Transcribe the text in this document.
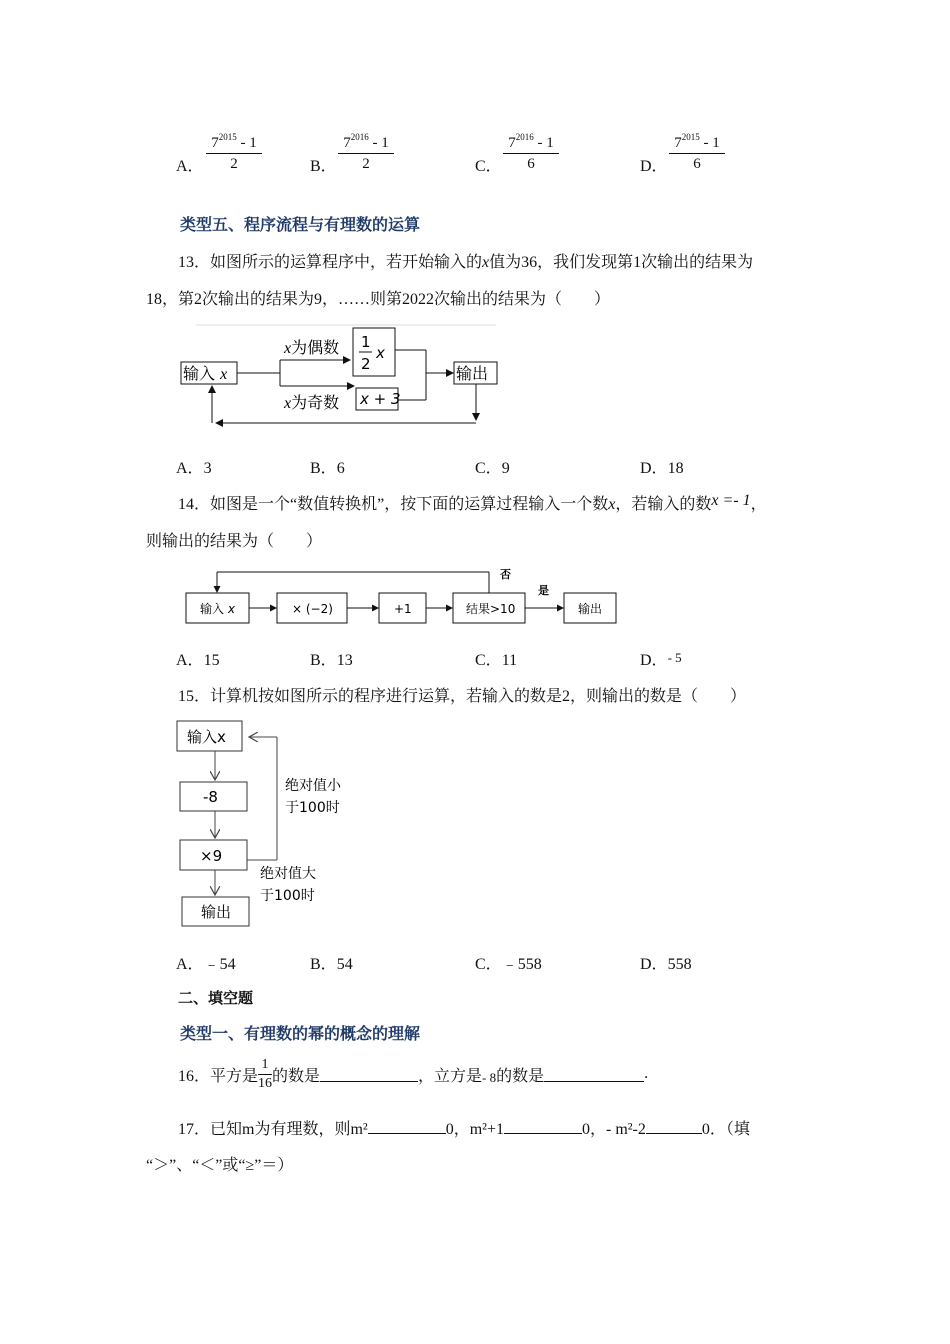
A． $\frac{7^{2015} - 1}{2}$	B． $\frac{7^{2016} - 1}{2}$	C． $\frac{7^{2016} - 1}{6}$	D． $\frac{7^{2015} - 1}{6}$
类型五、程序流程与有理数的运算
13．如图所示的运算程序中，若开始输入的x值为36，我们发现第1次输出的结果为
18，第2次输出的结果为9，……则第2022次输出的结果为（　　）
输入 x
x为偶数
x为奇数
1
2
x
x + 3
输出
A．3	B．6	C．9	D．18
14．如图是一个“数值转换机”，按下面的运算过程输入一个数x，若输入的数x =- 1，
则输出的结果为（　　）
输入 x	× (−2)	+1	结果>10	输出
否
是
A．15	B．13	C．11	D．- 5
15．计算机按如图所示的程序进行运算，若输入的数是2，则输出的数是（　　）
输入x
-8
×9
输出
绝对值小
于100时
绝对值大
于100时
A．﹣54	B．54	C．﹣558	D．558
二、填空题
类型一、有理数的幂的概念的理解
16．平方是 $\frac{1}{16}$ 的数是	，立方是 - 8 的数是	.
17．已知m为有理数，则m²	0，m²+1	0，- m²-2	0．（填
“＞”、“＜”或“≥”＝）
